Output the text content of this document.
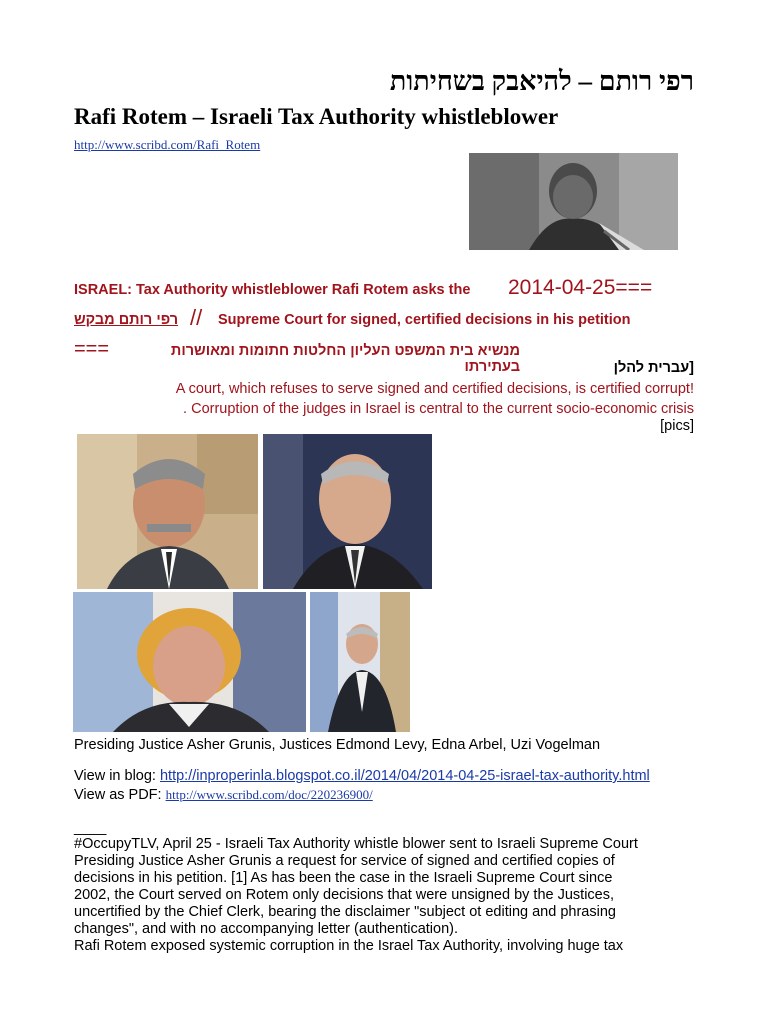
רפי רותם – להיאבק בשחיתות
Rafi Rotem – Israeli Tax Authority whistleblower
http://www.scribd.com/Rafi_Rotem
ISRAEL: Tax Authority whistleblower Rafi Rotem asks the 2014-04-25===
רפי רותם מבקש // Supreme Court for signed, certified decisions in his petition
===	מנשיא בית המשפט העליון החלטות חתומות ומאושרות בעתירתו	[עברית להלן
A court, which refuses to serve signed and certified decisions, is certified corrupt!
. Corruption of the judges in Israel is central to the current socio-economic crisis
[pics]
Presiding Justice Asher Grunis, Justices Edmond Levy, Edna Arbel, Uzi Vogelman
View in blog: http://inproperinla.blogspot.co.il/2014/04/2014-04-25-israel-tax-authority.html
View as PDF: http://www.scribd.com/doc/220236900/
____
#OccupyTLV, April 25 - Israeli Tax Authority whistle blower sent to Israeli Supreme Court
Presiding Justice Asher Grunis a request for service of signed and certified copies of
decisions in his petition. [1] As has been the case in the Israeli Supreme Court since
2002, the Court served on Rotem only decisions that were unsigned by the Justices,
uncertified by the Chief Clerk, bearing the disclaimer "subject ot editing and phrasing
changes", and with no accompanying letter (authentication).
Rafi Rotem exposed systemic corruption in the Israel Tax Authority, involving huge tax
